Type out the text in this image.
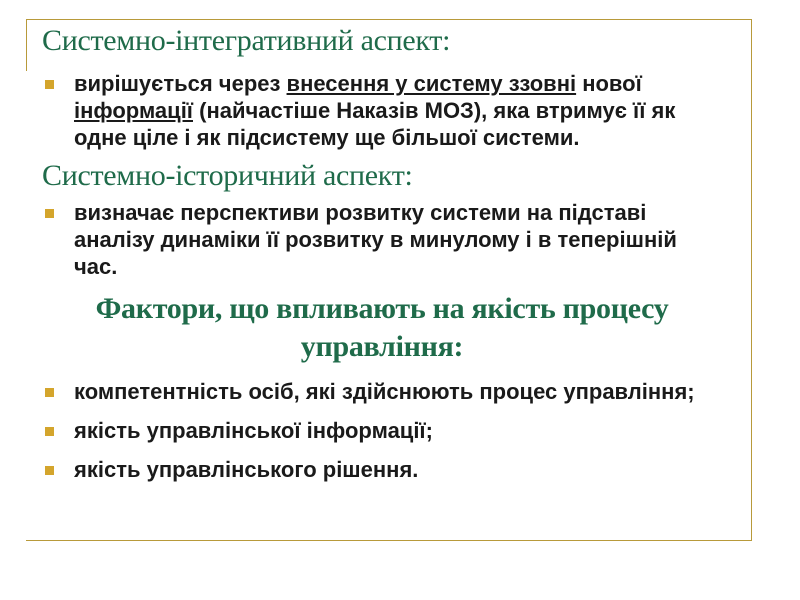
Системно-інтегративний аспект:
вирішується через внесення у систему ззовні нової інформації (найчастіше Наказів МОЗ), яка втримує її як одне ціле і як підсистему ще більшої системи.
Системно-історичний аспект:
визначає перспективи розвитку системи на підставі аналізу динаміки її розвитку в минулому і в теперішній час.
Фактори, що впливають на якість процесу управління:
компетентність осіб, які здійснюють процес управління;
якість управлінської інформації;
якість управлінського рішення.
